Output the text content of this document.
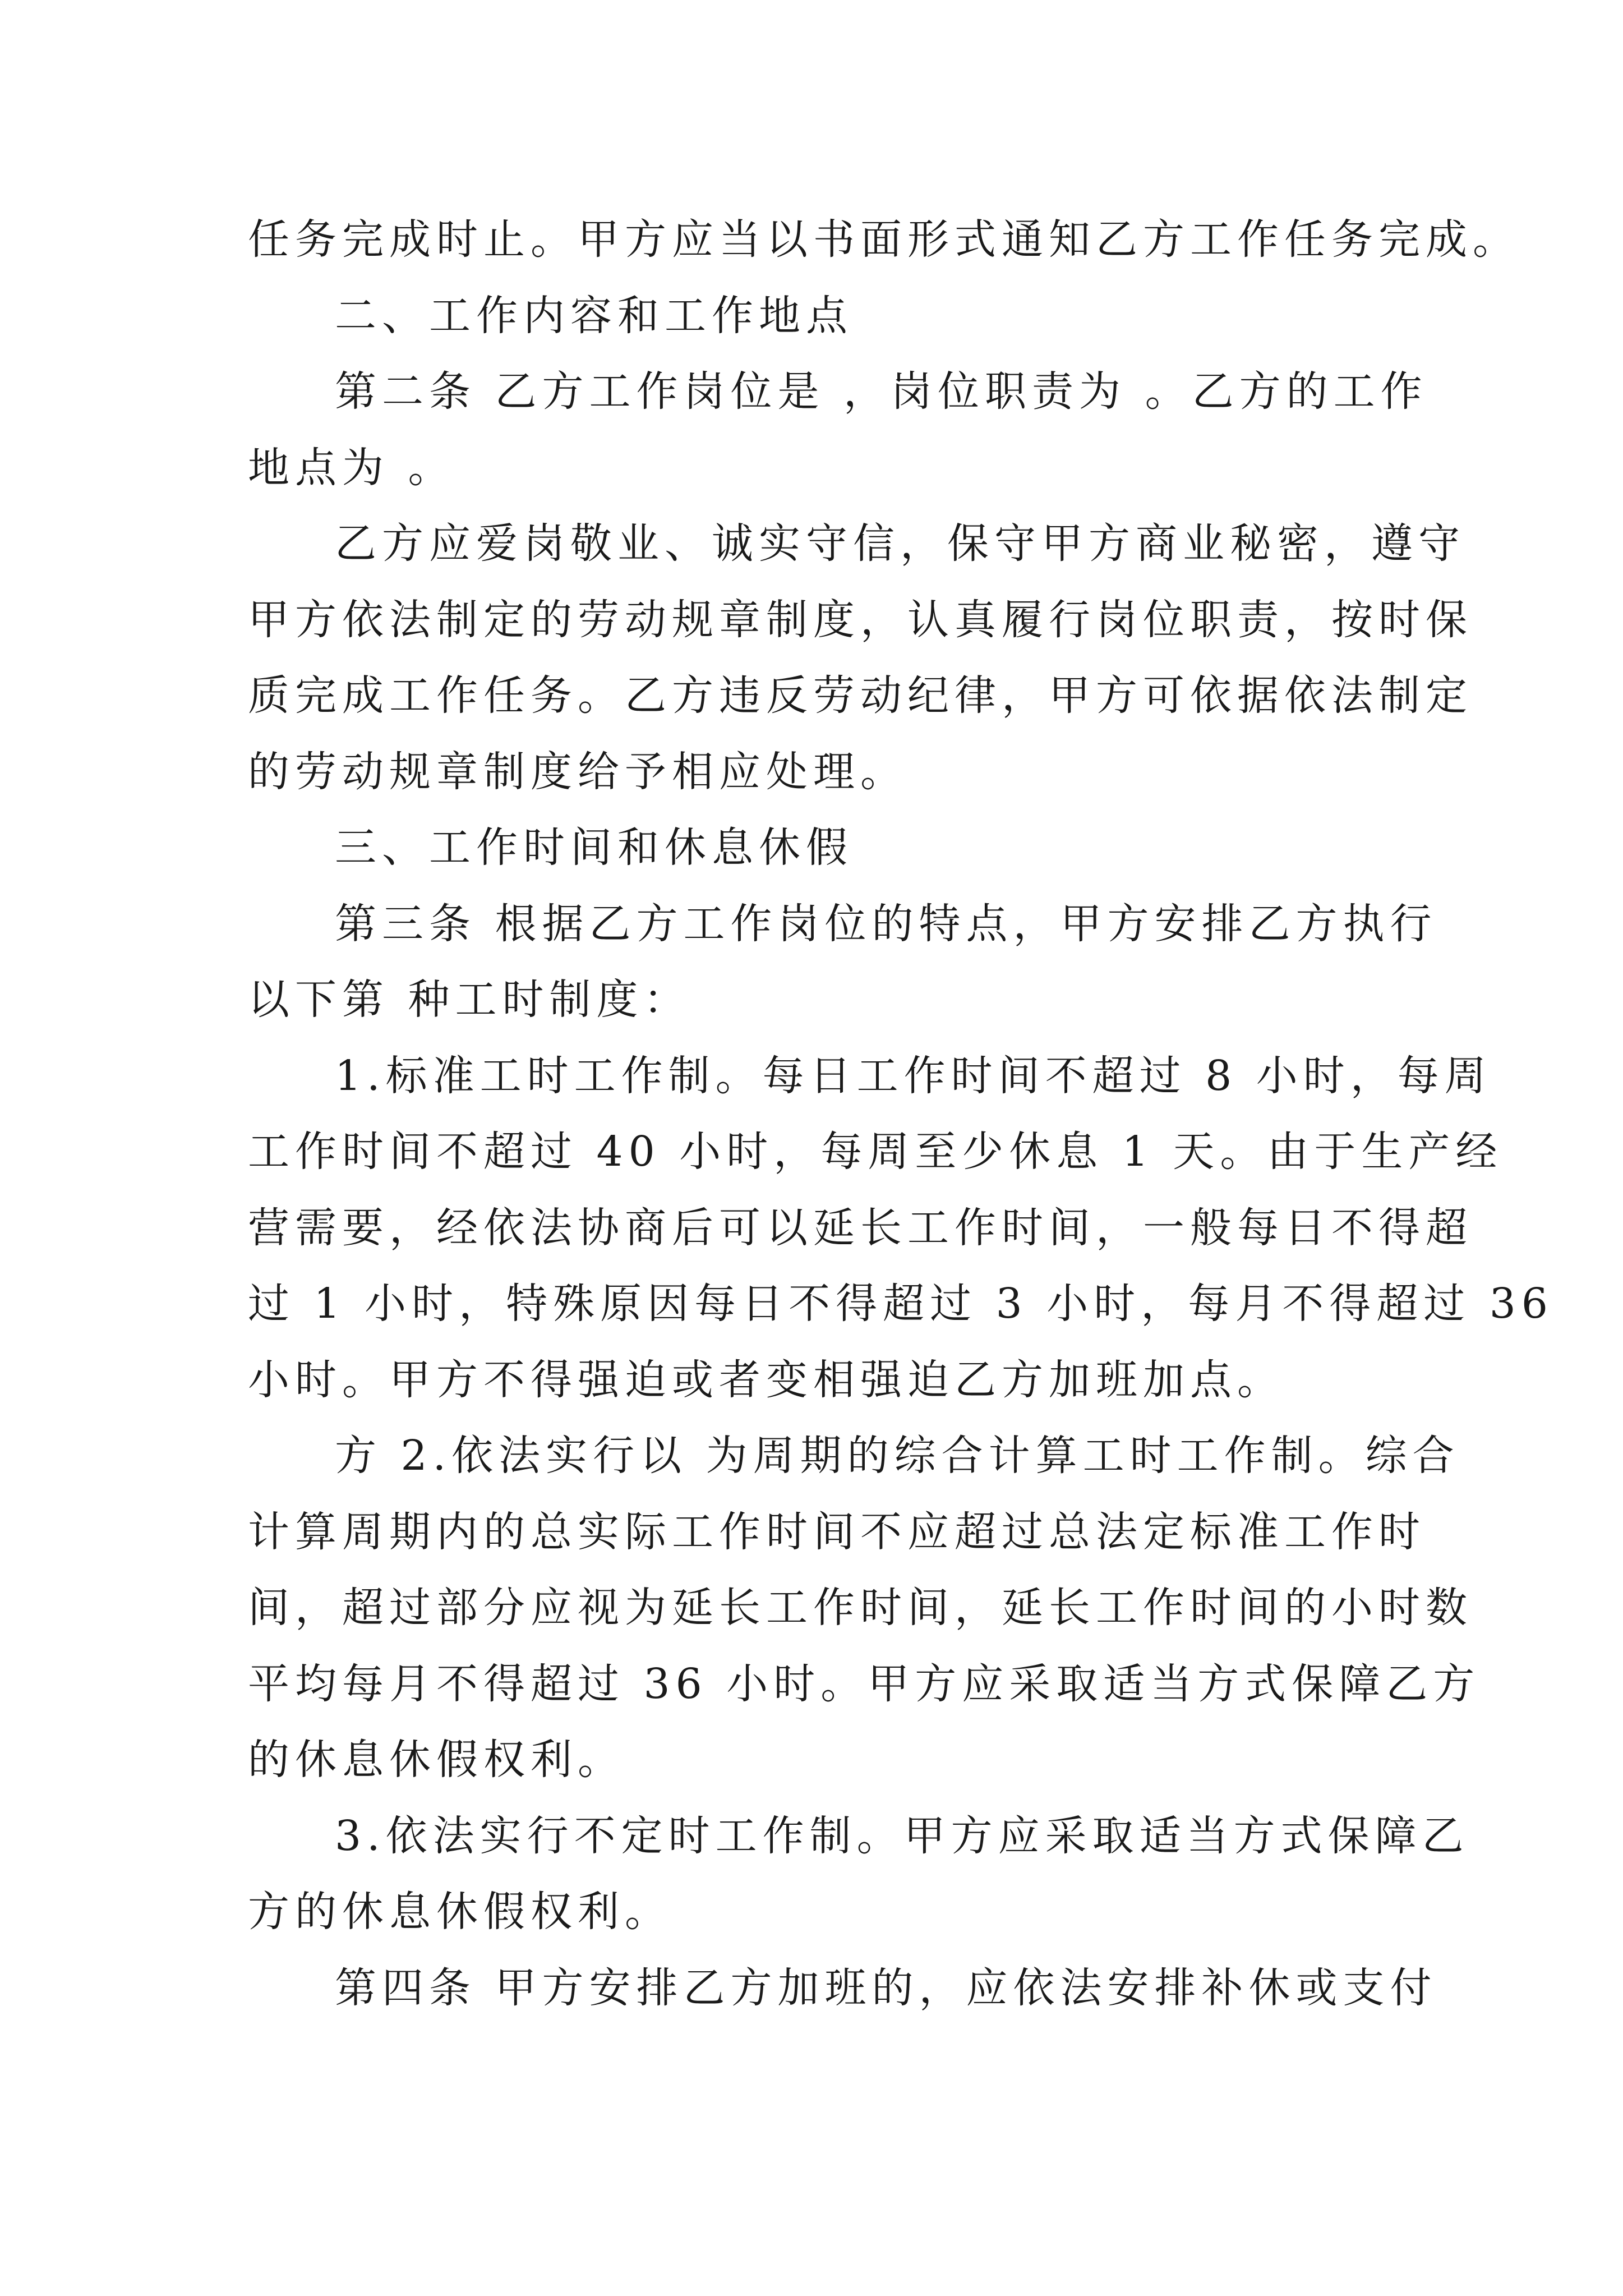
任务完成时止。甲方应当以书面形式通知乙方工作任务完成。
二、工作内容和工作地点
第二条 乙方工作岗位是 ，岗位职责为 。乙方的工作
地点为 。
乙方应爱岗敬业、诚实守信，保守甲方商业秘密，遵守
甲方依法制定的劳动规章制度，认真履行岗位职责，按时保
质完成工作任务。乙方违反劳动纪律，甲方可依据依法制定
的劳动规章制度给予相应处理。
三、工作时间和休息休假
第三条 根据乙方工作岗位的特点，甲方安排乙方执行
以下第 种工时制度：
1.标准工时工作制。每日工作时间不超过 8 小时，每周
工作时间不超过 40 小时，每周至少休息 1 天。由于生产经
营需要，经依法协商后可以延长工作时间，一般每日不得超
过 1 小时，特殊原因每日不得超过 3 小时，每月不得超过 36
小时。甲方不得强迫或者变相强迫乙方加班加点。
方 2.依法实行以 为周期的综合计算工时工作制。综合
计算周期内的总实际工作时间不应超过总法定标准工作时
间，超过部分应视为延长工作时间，延长工作时间的小时数
平均每月不得超过 36 小时。甲方应采取适当方式保障乙方
的休息休假权利。
3.依法实行不定时工作制。甲方应采取适当方式保障乙
方的休息休假权利。
第四条 甲方安排乙方加班的，应依法安排补休或支付
